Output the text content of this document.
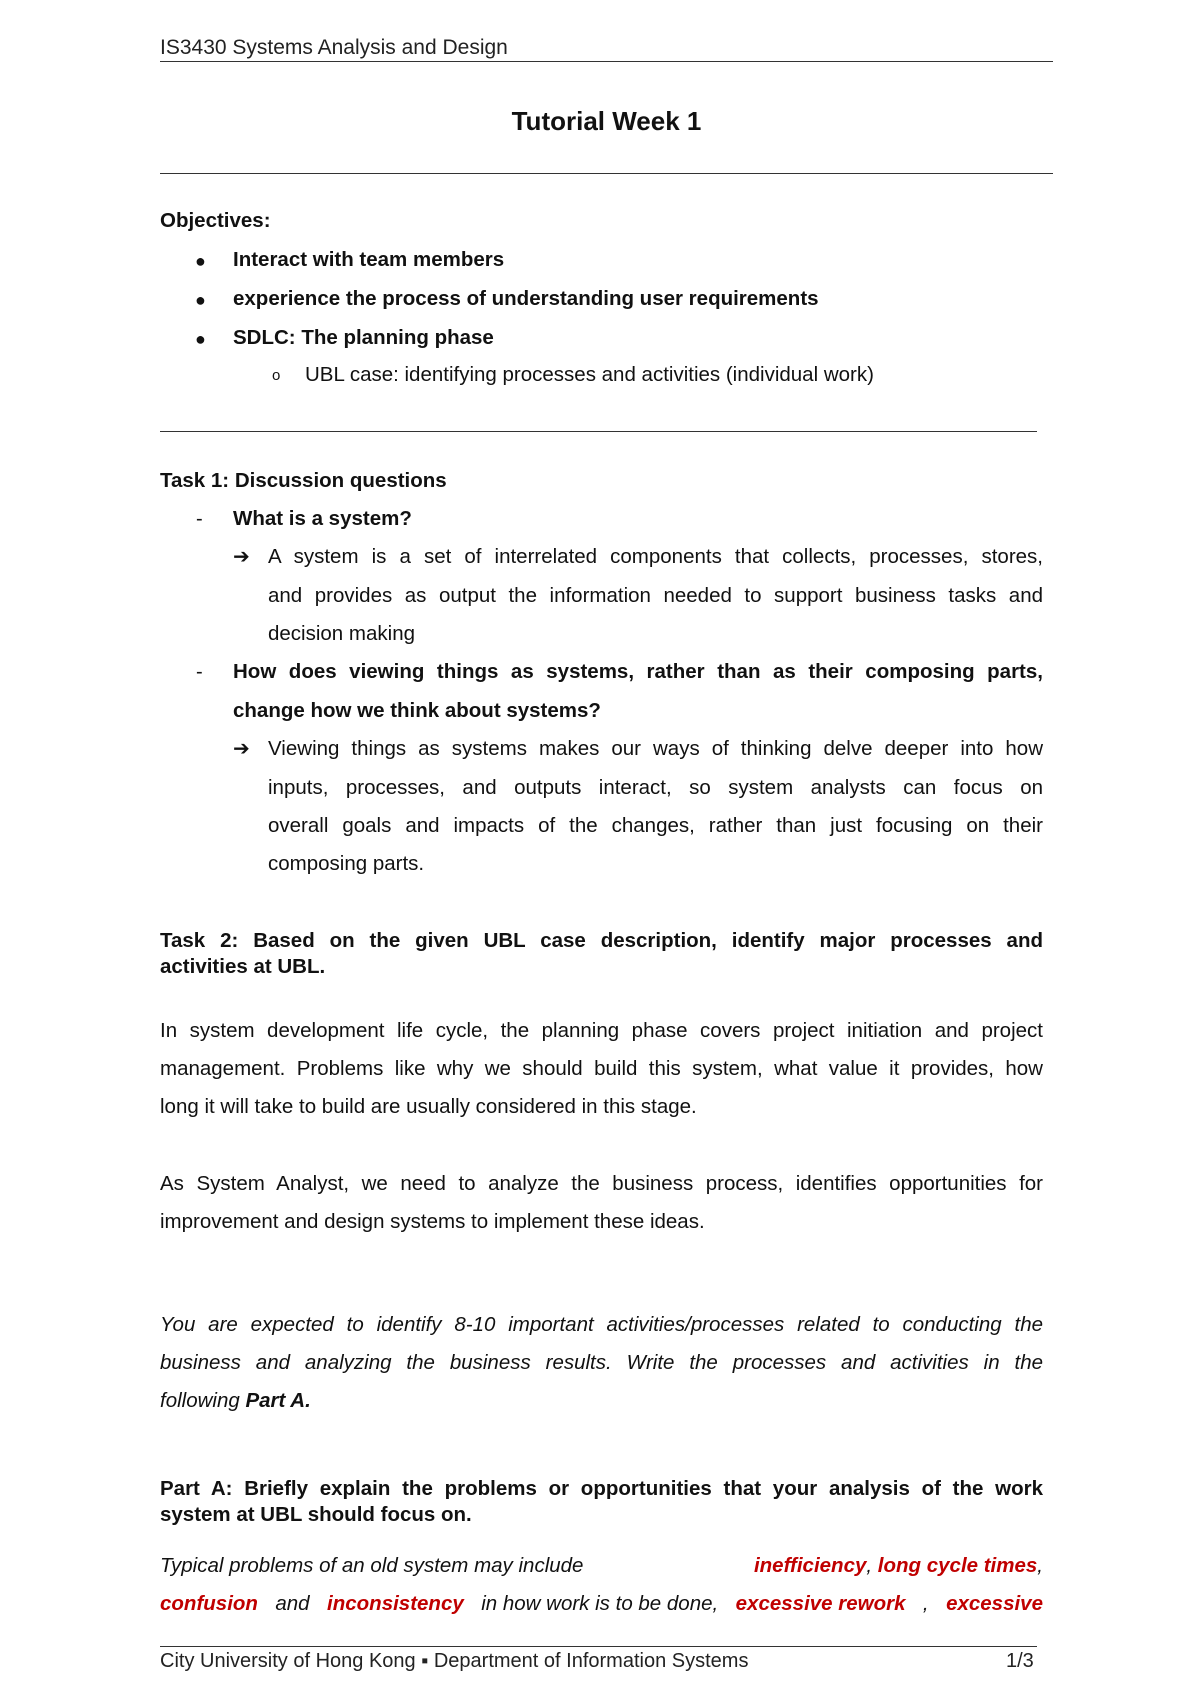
IS3430 Systems Analysis and Design
Tutorial Week 1
Objectives:
● Interact with team members
● experience the process of understanding user requirements
● SDLC: The planning phase
o UBL case: identifying processes and activities (individual work)
Task 1: Discussion questions
- What is a system?
➔ A system is a set of interrelated components that collects, processes, stores,
and provides as output the information needed to support business tasks and
decision making
- How does viewing things as systems, rather than as their composing parts,
change how we think about systems?
➔ Viewing things as systems makes our ways of thinking delve deeper into how
inputs, processes, and outputs interact, so system analysts can focus on
overall goals and impacts of the changes, rather than just focusing on their
composing parts.
Task 2: Based on the given UBL case description, identify major processes and
activities at UBL.
In system development life cycle, the planning phase covers project initiation and project
management. Problems like why we should build this system, what value it provides, how
long it will take to build are usually considered in this stage.
As System Analyst, we need to analyze the business process, identifies opportunities for
improvement and design systems to implement these ideas.
You are expected to identify 8-10 important activities/processes related to conducting the
business and analyzing the business results. Write the processes and activities in the
following Part A.
Part A: Briefly explain the problems or opportunities that your analysis of the work
system at UBL should focus on.
Typical problems of an old system may include	inefficiency, long cycle times,
confusion and inconsistency in how work is to be done, excessive rework , excessive
City University of Hong Kong ▪ Department of Information Systems	1/3
